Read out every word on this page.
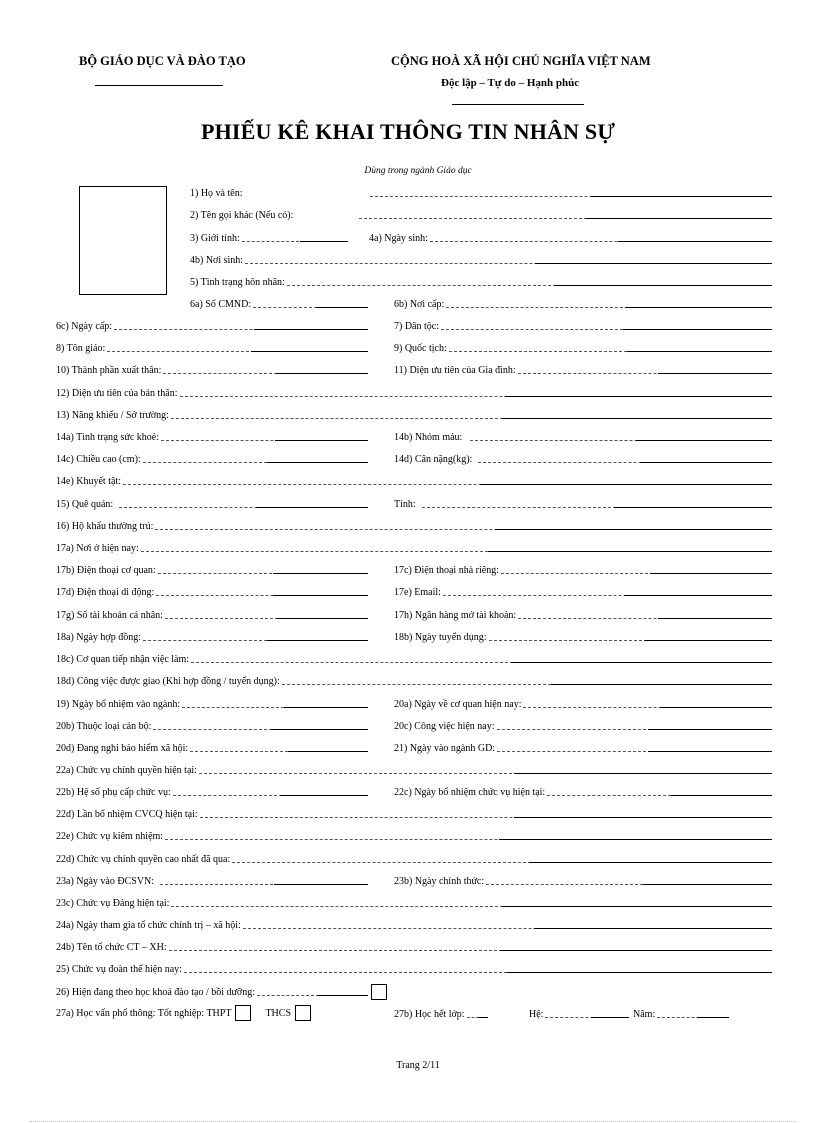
BỘ GIÁO DỤC VÀ ĐÀO TẠO	CỘNG HOÀ XÃ HỘI CHỦ NGHĨA VIỆT NAM
Độc lập – Tự do – Hạnh phúc
PHIẾU KÊ KHAI THÔNG TIN NHÂN SỰ
Dùng trong ngành Giáo dục
1) Họ và tên:
2) Tên gọi khác (Nếu có):
3) Giới tính:	4a) Ngày sinh:
4b) Nơi sinh:
5) Tình trạng hôn nhân:
6a) Số CMND:	6b) Nơi cấp:
6c) Ngày cấp:	7) Dân tộc:
8) Tôn giáo:	9) Quốc tịch:
10) Thành phần xuất thân:	11) Diện ưu tiên của Gia đình:
12) Diện ưu tiên của bản thân:
13) Năng khiếu / Sở trường:
14a) Tình trạng sức khoẻ:	14b) Nhóm máu:
14c) Chiều cao (cm):	14d) Cân nặng(kg):
14e) Khuyết tật:
15) Quê quán:	Tỉnh:
16) Hộ khẩu thường trú:
17a) Nơi ở hiện nay:
17b) Điện thoại cơ quan:	17c) Điện thoại nhà riêng:
17d) Điện thoại di động:	17e) Email:
17g) Số tài khoản cá nhân:	17h) Ngân hàng mở tài khoản:
18a) Ngày hợp đồng:	18b) Ngày tuyển dụng:
18c) Cơ quan tiếp nhận việc làm:
18d) Công việc được giao (Khi hợp đồng / tuyển dụng):
19) Ngày bổ nhiệm vào ngành:	20a) Ngày về cơ quan hiện nay:
20b) Thuộc loại cán bộ:	20c) Công việc hiện nay:
20d) Đang nghỉ bảo hiểm xã hội:	21) Ngày vào ngành GD:
22a) Chức vụ chính quyền hiện tại:
22b) Hệ số phụ cấp chức vụ:	22c) Ngày bổ nhiệm chức vụ hiện tại:
22d) Lần bổ nhiệm CVCQ hiện tại:
22e) Chức vụ kiêm nhiệm:
22d) Chức vụ chính quyền cao nhất đã qua:
23a) Ngày vào ĐCSVN:	23b) Ngày chính thức:
23c) Chức vụ Đảng hiện tại:
24a) Ngày tham gia tổ chức chính trị – xã hội:
24b) Tên tổ chức CT – XH:
25) Chức vụ đoàn thể hiện nay:
26) Hiện đang theo học khoá đào tạo / bồi dưỡng:
27a) Học vấn phổ thông: Tốt nghiệp: THPT	THCS	27b) Học hết lớp:	Hệ:	Năm:
Trang 2/11
